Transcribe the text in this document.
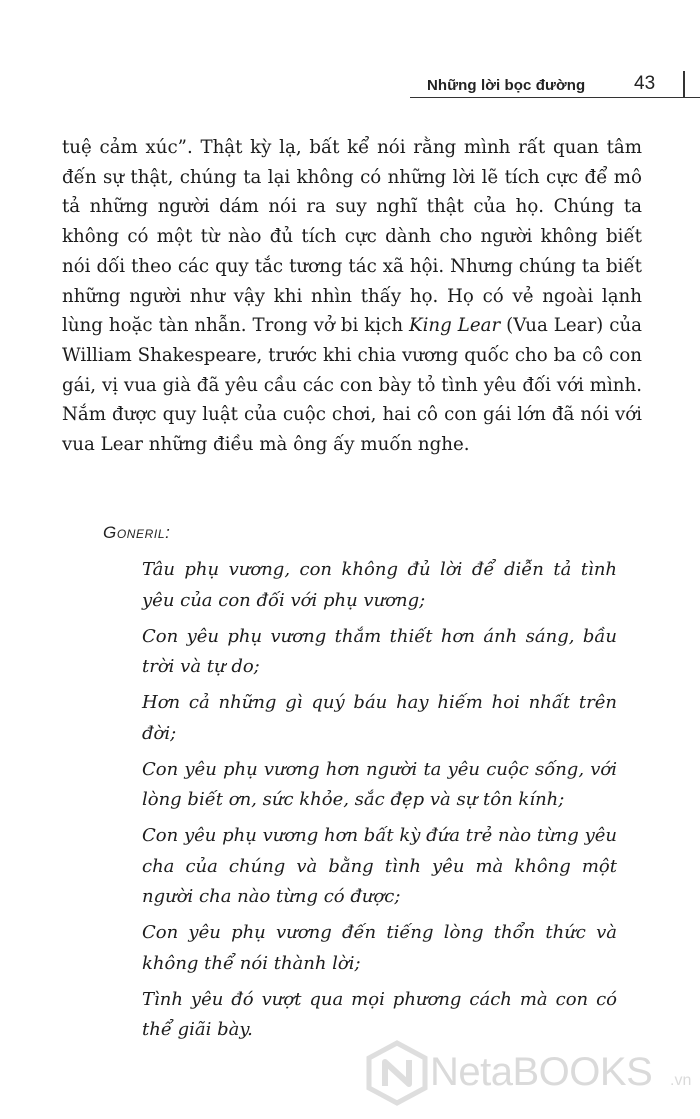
Những lời bọc đường	43

tuệ cảm xúc”. Thật kỳ lạ, bất kể nói rằng mình rất quan tâm đến sự thật, chúng ta lại không có những lời lẽ tích cực để mô tả những người dám nói ra suy nghĩ thật của họ. Chúng ta không có một từ nào đủ tích cực dành cho người không biết nói dối theo các quy tắc tương tác xã hội. Nhưng chúng ta biết những người như vậy khi nhìn thấy họ. Họ có vẻ ngoài lạnh lùng hoặc tàn nhẫn. Trong vở bi kịch King Lear (Vua Lear) của William Shakespeare, trước khi chia vương quốc cho ba cô con gái, vị vua già đã yêu cầu các con bày tỏ tình yêu đối với mình. Nắm được quy luật của cuộc chơi, hai cô con gái lớn đã nói với vua Lear những điều mà ông ấy muốn nghe.

Goneril:
Tâu phụ vương, con không đủ lời để diễn tả tình yêu của con đối với phụ vương;
Con yêu phụ vương thắm thiết hơn ánh sáng, bầu trời và tự do;
Hơn cả những gì quý báu hay hiếm hoi nhất trên đời;
Con yêu phụ vương hơn người ta yêu cuộc sống, với lòng biết ơn, sức khỏe, sắc đẹp và sự tôn kính;
Con yêu phụ vương hơn bất kỳ đứa trẻ nào từng yêu cha của chúng và bằng tình yêu mà không một người cha nào từng có được;
Con yêu phụ vương đến tiếng lòng thổn thức và không thể nói thành lời;
Tình yêu đó vượt qua mọi phương cách mà con có thể giãi bày.
NetaBOOKS .vn
